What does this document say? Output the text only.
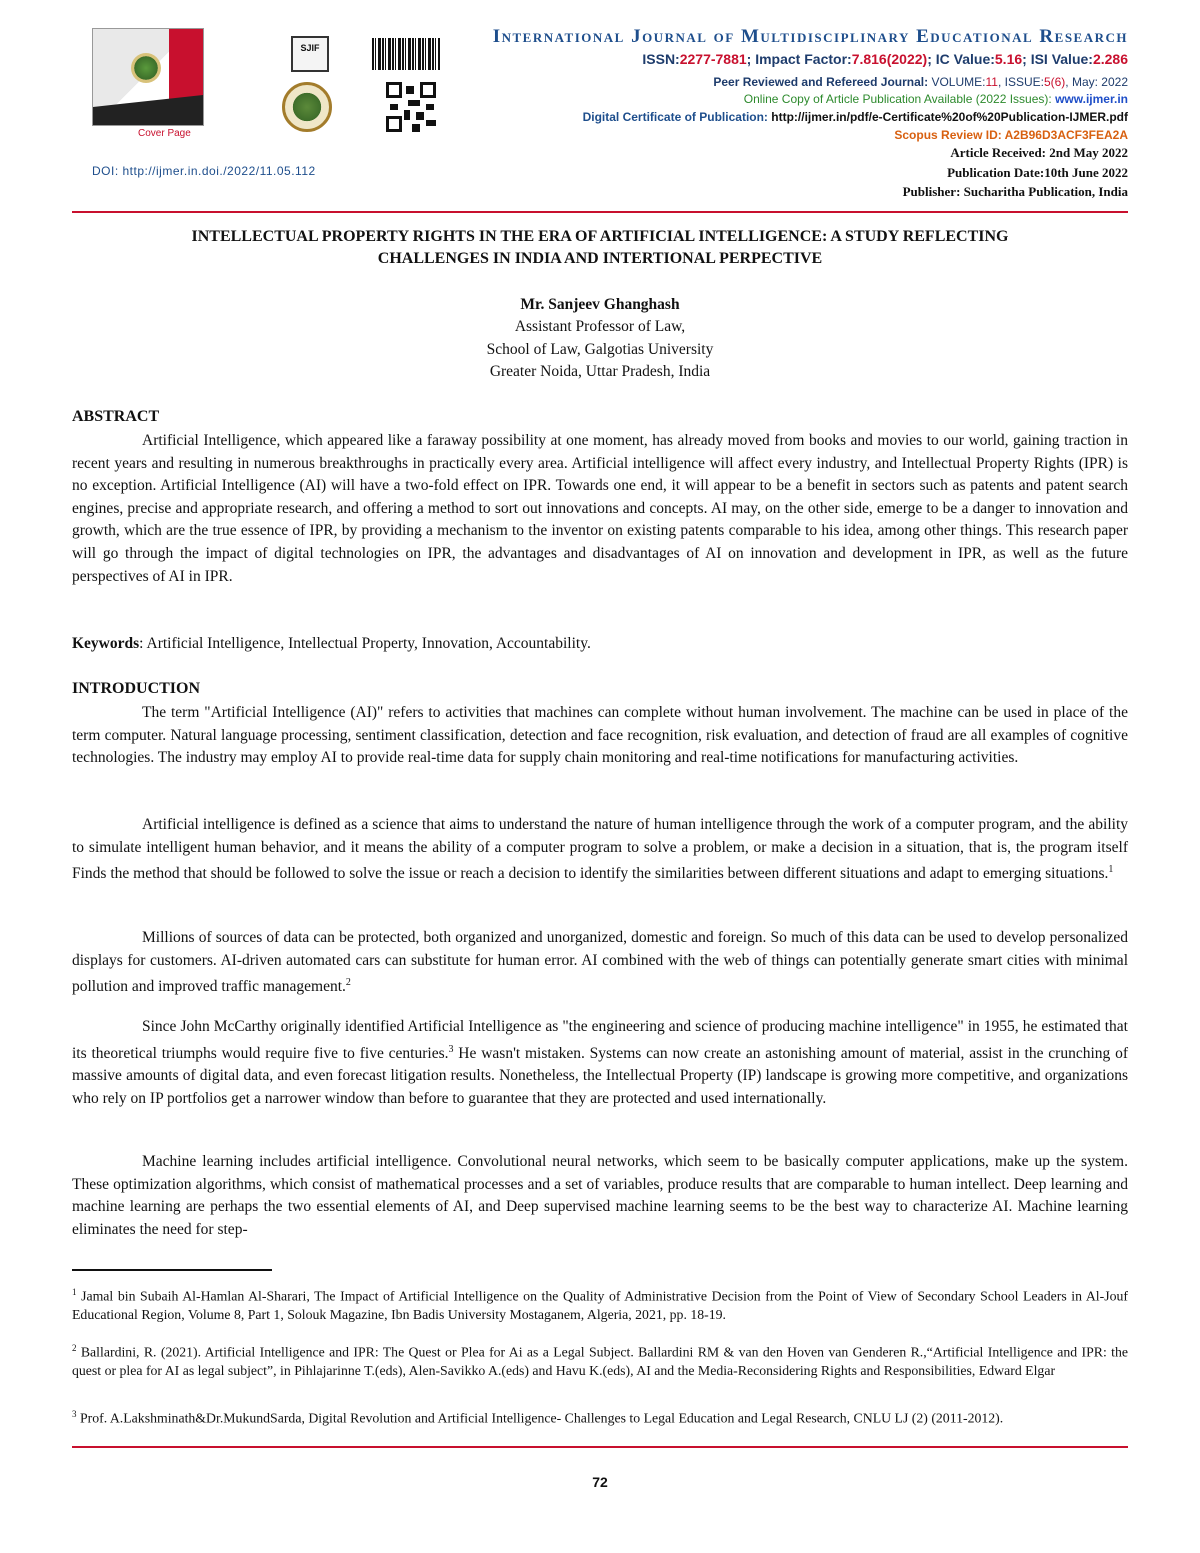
Cover Page
SJIF
International Journal of Multidisciplinary Educational Research
ISSN:2277-7881; Impact Factor:7.816(2022); IC Value:5.16; ISI Value:2.286
Peer Reviewed and Refereed Journal: VOLUME:11, ISSUE:5(6), May: 2022
Online Copy of Article Publication Available (2022 Issues): www.ijmer.in
Digital Certificate of Publication: http://ijmer.in/pdf/e-Certificate%20of%20Publication-IJMER.pdf
Scopus Review ID: A2B96D3ACF3FEA2A
Article Received: 2nd May 2022
Publication Date:10th June 2022
Publisher: Sucharitha Publication, India
DOI: http://ijmer.in.doi./2022/11.05.112
INTELLECTUAL PROPERTY RIGHTS IN THE ERA OF ARTIFICIAL INTELLIGENCE: A STUDY REFLECTING
CHALLENGES IN INDIA AND INTERTIONAL PERPECTIVE
Mr. Sanjeev Ghanghash
Assistant Professor of Law,
School of Law, Galgotias University
Greater Noida, Uttar Pradesh, India
ABSTRACT
Artificial Intelligence, which appeared like a faraway possibility at one moment, has already moved from books and movies to our world, gaining traction in recent years and resulting in numerous breakthroughs in practically every area. Artificial intelligence will affect every industry, and Intellectual Property Rights (IPR) is no exception. Artificial Intelligence (AI) will have a two-fold effect on IPR. Towards one end, it will appear to be a benefit in sectors such as patents and patent search engines, precise and appropriate research, and offering a method to sort out innovations and concepts. AI may, on the other side, emerge to be a danger to innovation and growth, which are the true essence of IPR, by providing a mechanism to the inventor on existing patents comparable to his idea, among other things. This research paper will go through the impact of digital technologies on IPR, the advantages and disadvantages of AI on innovation and development in IPR, as well as the future perspectives of AI in IPR.
Keywords: Artificial Intelligence, Intellectual Property, Innovation, Accountability.
INTRODUCTION
The term "Artificial Intelligence (AI)" refers to activities that machines can complete without human involvement. The machine can be used in place of the term computer. Natural language processing, sentiment classification, detection and face recognition, risk evaluation, and detection of fraud are all examples of cognitive technologies. The industry may employ AI to provide real-time data for supply chain monitoring and real-time notifications for manufacturing activities.
Artificial intelligence is defined as a science that aims to understand the nature of human intelligence through the work of a computer program, and the ability to simulate intelligent human behavior, and it means the ability of a computer program to solve a problem, or make a decision in a situation, that is, the program itself Finds the method that should be followed to solve the issue or reach a decision to identify the similarities between different situations and adapt to emerging situations.$^1$
Millions of sources of data can be protected, both organized and unorganized, domestic and foreign. So much of this data can be used to develop personalized displays for customers. AI-driven automated cars can substitute for human error. AI combined with the web of things can potentially generate smart cities with minimal pollution and improved traffic management.$^2$
Since John McCarthy originally identified Artificial Intelligence as "the engineering and science of producing machine intelligence" in 1955, he estimated that its theoretical triumphs would require five to five centuries.$^3$ He wasn't mistaken. Systems can now create an astonishing amount of material, assist in the crunching of massive amounts of digital data, and even forecast litigation results. Nonetheless, the Intellectual Property (IP) landscape is growing more competitive, and organizations who rely on IP portfolios get a narrower window than before to guarantee that they are protected and used internationally.
Machine learning includes artificial intelligence. Convolutional neural networks, which seem to be basically computer applications, make up the system. These optimization algorithms, which consist of mathematical processes and a set of variables, produce results that are comparable to human intellect. Deep learning and machine learning are perhaps the two essential elements of AI, and Deep supervised machine learning seems to be the best way to characterize AI. Machine learning eliminates the need for step-
$^1$ Jamal bin Subaih Al-Hamlan Al-Sharari, The Impact of Artificial Intelligence on the Quality of Administrative Decision from the Point of View of Secondary School Leaders in Al-Jouf Educational Region, Volume 8, Part 1, Solouk Magazine, Ibn Badis University Mostaganem, Algeria, 2021, pp. 18-19.
$^2$ Ballardini, R. (2021). Artificial Intelligence and IPR: The Quest or Plea for Ai as a Legal Subject. Ballardini RM & van den Hoven van Genderen R.,“Artificial Intelligence and IPR: the quest or plea for AI as legal subject”, in Pihlajarinne T.(eds), Alen-Savikko A.(eds) and Havu K.(eds), AI and the Media-Reconsidering Rights and Responsibilities, Edward Elgar
$^3$ Prof. A.Lakshminath&Dr.MukundSarda, Digital Revolution and Artificial Intelligence- Challenges to Legal Education and Legal Research, CNLU LJ (2) (2011-2012).
72
